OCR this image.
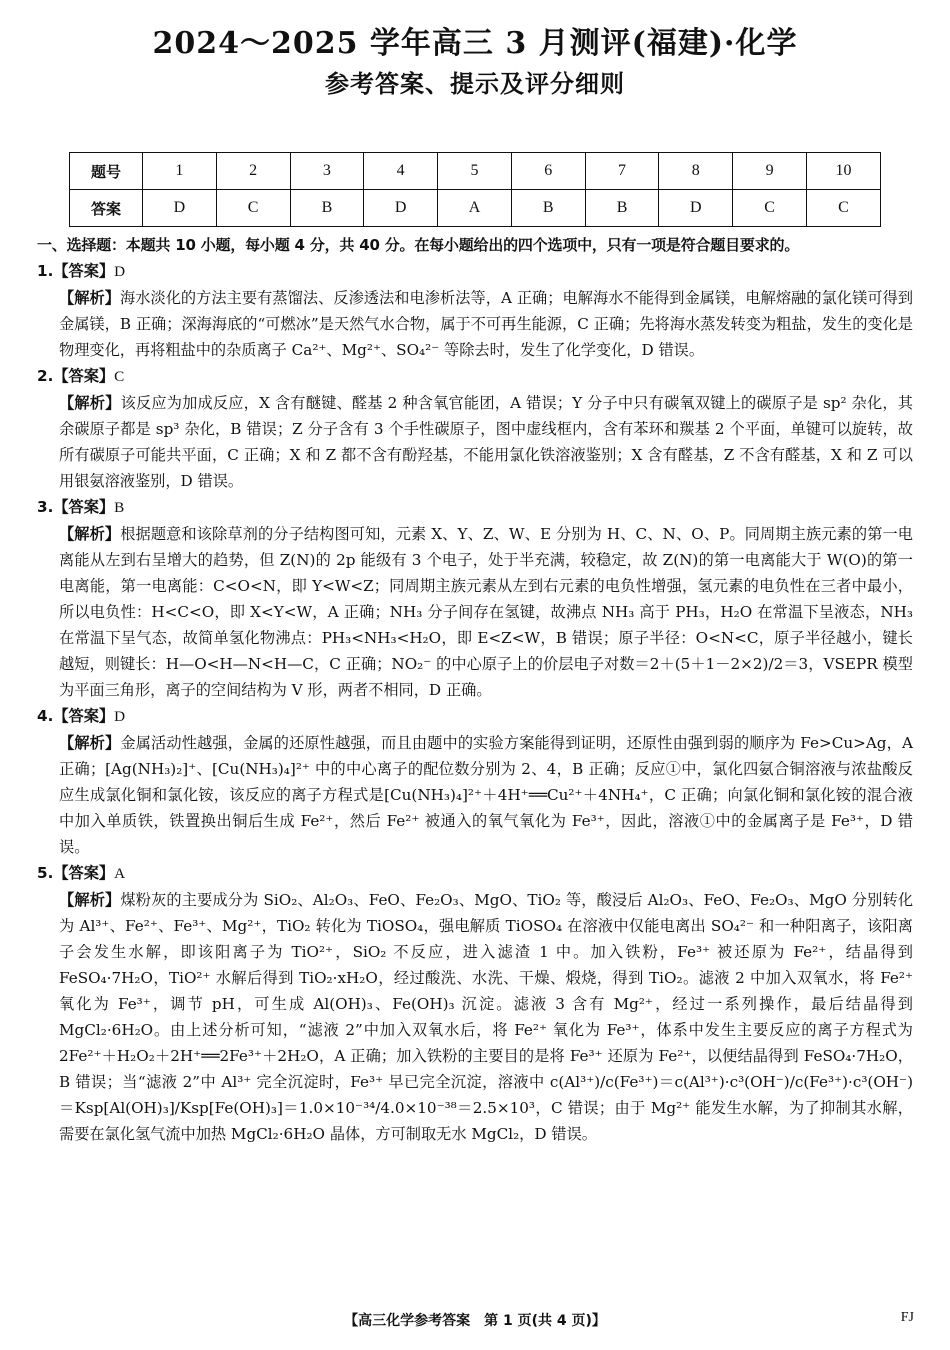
2024～2025 学年高三 3 月测评(福建)·化学
参考答案、提示及评分细则
题号	1	2	3	4	5	6	7	8	9	10
答案	D	C	B	D	A	B	B	D	C	C
一、选择题：本题共 10 小题，每小题 4 分，共 40 分。在每小题给出的四个选项中，只有一项是符合题目要求的。
1.【答案】D

【解析】海水淡化的方法主要有蒸馏法、反渗透法和电渗析法等，A 正确；电解海水不能得到金属镁，电解熔融的氯化镁可得到金属镁，B 正确；深海海底的“可燃冰”是天然气水合物，属于不可再生能源，C 正确；先将海水蒸发转变为粗盐，发生的变化是物理变化，再将粗盐中的杂质离子 Ca²⁺、Mg²⁺、SO₄²⁻ 等除去时，发生了化学变化，D 错误。

2.【答案】C

【解析】该反应为加成反应，X 含有醚键、醛基 2 种含氧官能团，A 错误；Y 分子中只有碳氧双键上的碳原子是 sp² 杂化，其余碳原子都是 sp³ 杂化，B 错误；Z 分子含有 3 个手性碳原子，图中虚线框内，含有苯环和羰基 2 个平面，单键可以旋转，故所有碳原子可能共平面，C 正确；X 和 Z 都不含有酚羟基，不能用氯化铁溶液鉴别；X 含有醛基，Z 不含有醛基，X 和 Z 可以用银氨溶液鉴别，D 错误。

3.【答案】B

【解析】根据题意和该除草剂的分子结构图可知，元素 X、Y、Z、W、E 分别为 H、C、N、O、P。同周期主族元素的第一电离能从左到右呈增大的趋势，但 Z(N)的 2p 能级有 3 个电子，处于半充满，较稳定，故 Z(N)的第一电离能大于 W(O)的第一电离能，第一电离能：C<O<N，即 Y<W<Z；同周期主族元素从左到右元素的电负性增强，氢元素的电负性在三者中最小，所以电负性：H<C<O，即 X<Y<W，A 正确；NH₃ 分子间存在氢键，故沸点 NH₃ 高于 PH₃，H₂O 在常温下呈液态，NH₃ 在常温下呈气态，故简单氢化物沸点：PH₃<NH₃<H₂O，即 E<Z<W，B 错误；原子半径：O<N<C，原子半径越小，键长越短，则键长：H—O<H—N<H—C，C 正确；NO₂⁻ 的中心原子上的价层电子对数＝2＋(5＋1－2×2)/2＝3，VSEPR 模型为平面三角形，离子的空间结构为 V 形，两者不相同，D 正确。

4.【答案】D

【解析】金属活动性越强，金属的还原性越强，而且由题中的实验方案能得到证明，还原性由强到弱的顺序为 Fe>Cu>Ag，A 正确；[Ag(NH₃)₂]⁺、[Cu(NH₃)₄]²⁺ 中的中心离子的配位数分别为 2、4，B 正确；反应①中，氯化四氨合铜溶液与浓盐酸反应生成氯化铜和氯化铵，该反应的离子方程式是[Cu(NH₃)₄]²⁺＋4H⁺══Cu²⁺＋4NH₄⁺，C 正确；向氯化铜和氯化铵的混合液中加入单质铁，铁置换出铜后生成 Fe²⁺，然后 Fe²⁺ 被通入的氧气氧化为 Fe³⁺，因此，溶液①中的金属离子是 Fe³⁺，D 错误。

5.【答案】A

【解析】煤粉灰的主要成分为 SiO₂、Al₂O₃、FeO、Fe₂O₃、MgO、TiO₂ 等，酸浸后 Al₂O₃、FeO、Fe₂O₃、MgO 分别转化为 Al³⁺、Fe²⁺、Fe³⁺、Mg²⁺，TiO₂ 转化为 TiOSO₄，强电解质 TiOSO₄ 在溶液中仅能电离出 SO₄²⁻ 和一种阳离子，该阳离子会发生水解，即该阳离子为 TiO²⁺，SiO₂ 不反应，进入滤渣 1 中。加入铁粉，Fe³⁺ 被还原为 Fe²⁺，结晶得到 FeSO₄·7H₂O，TiO²⁺ 水解后得到 TiO₂·xH₂O，经过酸洗、水洗、干燥、煅烧，得到 TiO₂。滤液 2 中加入双氧水，将 Fe²⁺ 氧化为 Fe³⁺，调节 pH，可生成 Al(OH)₃、Fe(OH)₃ 沉淀。滤液 3 含有 Mg²⁺，经过一系列操作，最后结晶得到 MgCl₂·6H₂O。由上述分析可知，“滤液 2”中加入双氧水后，将 Fe²⁺ 氧化为 Fe³⁺，体系中发生主要反应的离子方程式为 2Fe²⁺＋H₂O₂＋2H⁺══2Fe³⁺＋2H₂O，A 正确；加入铁粉的主要目的是将 Fe³⁺ 还原为 Fe²⁺，以便结晶得到 FeSO₄·7H₂O，B 错误；当“滤液 2”中 Al³⁺ 完全沉淀时，Fe³⁺ 早已完全沉淀，溶液中 c(Al³⁺)/c(Fe³⁺)＝c(Al³⁺)·c³(OH⁻)/c(Fe³⁺)·c³(OH⁻)＝Ksp[Al(OH)₃]/Ksp[Fe(OH)₃]＝1.0×10⁻³⁴/4.0×10⁻³⁸＝2.5×10³，C 错误；由于 Mg²⁺ 能发生水解，为了抑制其水解，需要在氯化氢气流中加热 MgCl₂·6H₂O 晶体，方可制取无水 MgCl₂，D 错误。

【高三化学参考答案　第 1 页(共 4 页)】	FJ
